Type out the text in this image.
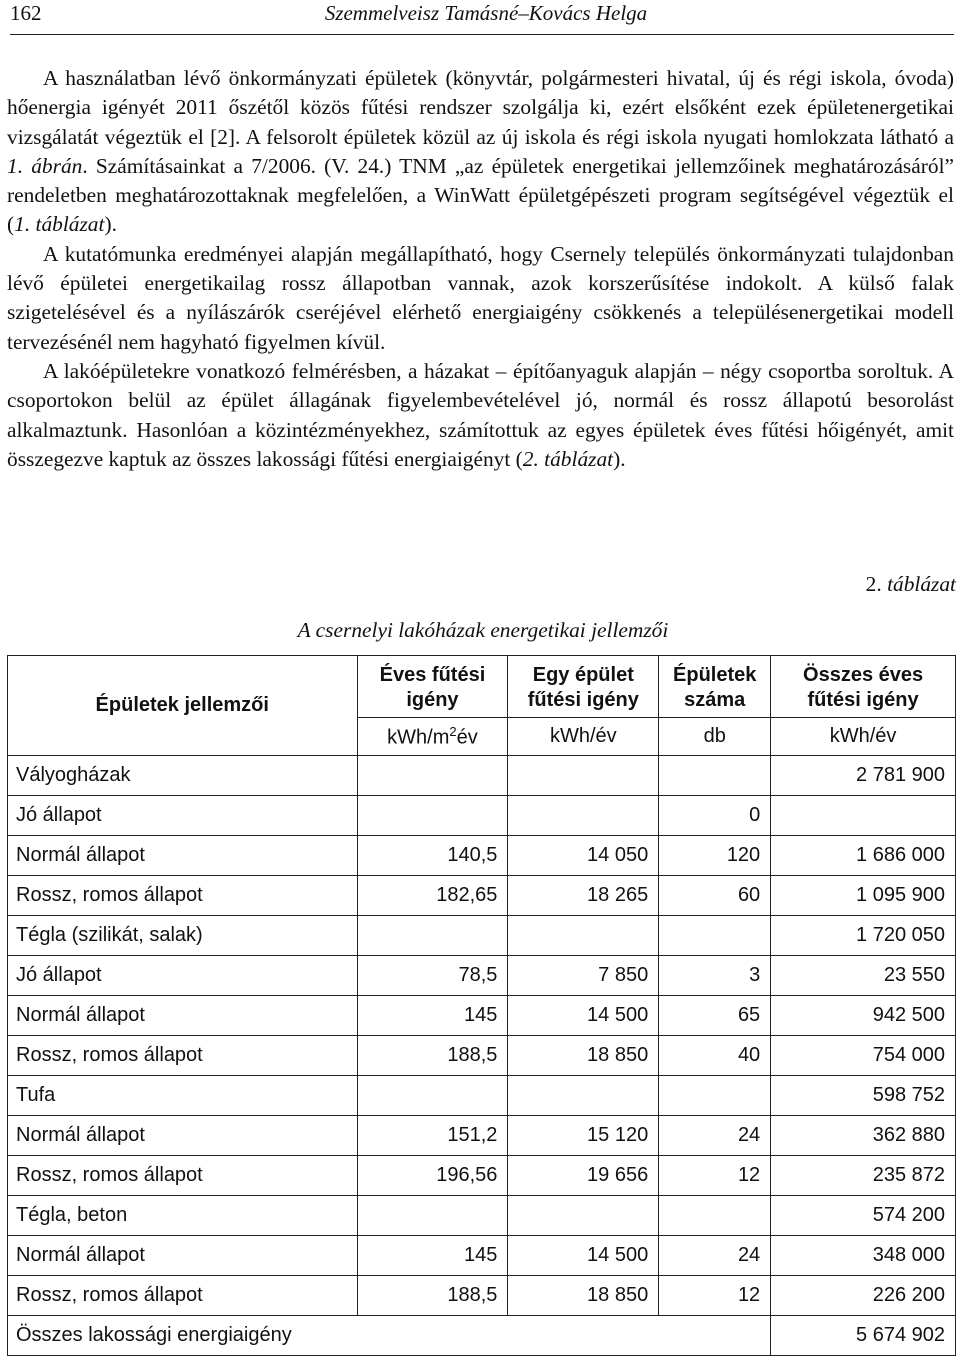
162	Szemmelveisz Tamásné–Kovács Helga

A használatban lévő önkormányzati épületek (könyvtár, polgármesteri hivatal, új és régi iskola, óvoda) hőenergia igényét 2011 őszétől közös fűtési rendszer szolgálja ki, ezért elsőként ezek épületenergetikai vizsgálatát végeztük el [2]. A felsorolt épületek közül az új iskola és régi iskola nyugati homlokzata látható a 1. ábrán. Számításainkat a 7/2006. (V. 24.) TNM „az épületek energetikai jellemzőinek meghatározásáról” rendeletben meghatározottaknak megfelelően, a WinWatt épületgépészeti program segítségével végeztük el (1. táblázat).

A kutatómunka eredményei alapján megállapítható, hogy Csernely település önkormányzati tulajdonban lévő épületei energetikailag rossz állapotban vannak, azok korszerűsítése indokolt. A külső falak szigetelésével és a nyílászárók cseréjével elérhető energiaigény csökkenés a településenergetikai modell tervezésénél nem hagyható figyelmen kívül.

A lakóépületekre vonatkozó felmérésben, a házakat – építőanyaguk alapján – négy csoportba soroltuk. A csoportokon belül az épület állagának figyelembevételével jó, normál és rossz állapotú besorolást alkalmaztunk. Hasonlóan a közintézményekhez, számítottuk az egyes épületek éves fűtési hőigényét, amit összegezve kaptuk az összes lakossági fűtési energiaigényt (2. táblázat).

2. táblázat
A csernelyi lakóházak energetikai jellemzői
Épületek jellemzői	Éves fűtési igény	Egy épület fűtési igény	Épületek száma	Összes éves fűtési igény
	kWh/$m^2év$	kWh/év	db	kWh/év
Vályogházak				2 781 900
Jó állapot			0	
Normál állapot	140,5	14 050	120	1 686 000
Rossz, romos állapot	182,65	18 265	60	1 095 900
Tégla (szilikát, salak)				1 720 050
Jó állapot	78,5	7 850	3	23 550
Normál állapot	145	14 500	65	942 500
Rossz, romos állapot	188,5	18 850	40	754 000
Tufa				598 752
Normál állapot	151,2	15 120	24	362 880
Rossz, romos állapot	196,56	19 656	12	235 872
Tégla, beton				574 200
Normál állapot	145	14 500	24	348 000
Rossz, romos állapot	188,5	18 850	12	226 200
Összes lakossági energiaigény				5 674 902
